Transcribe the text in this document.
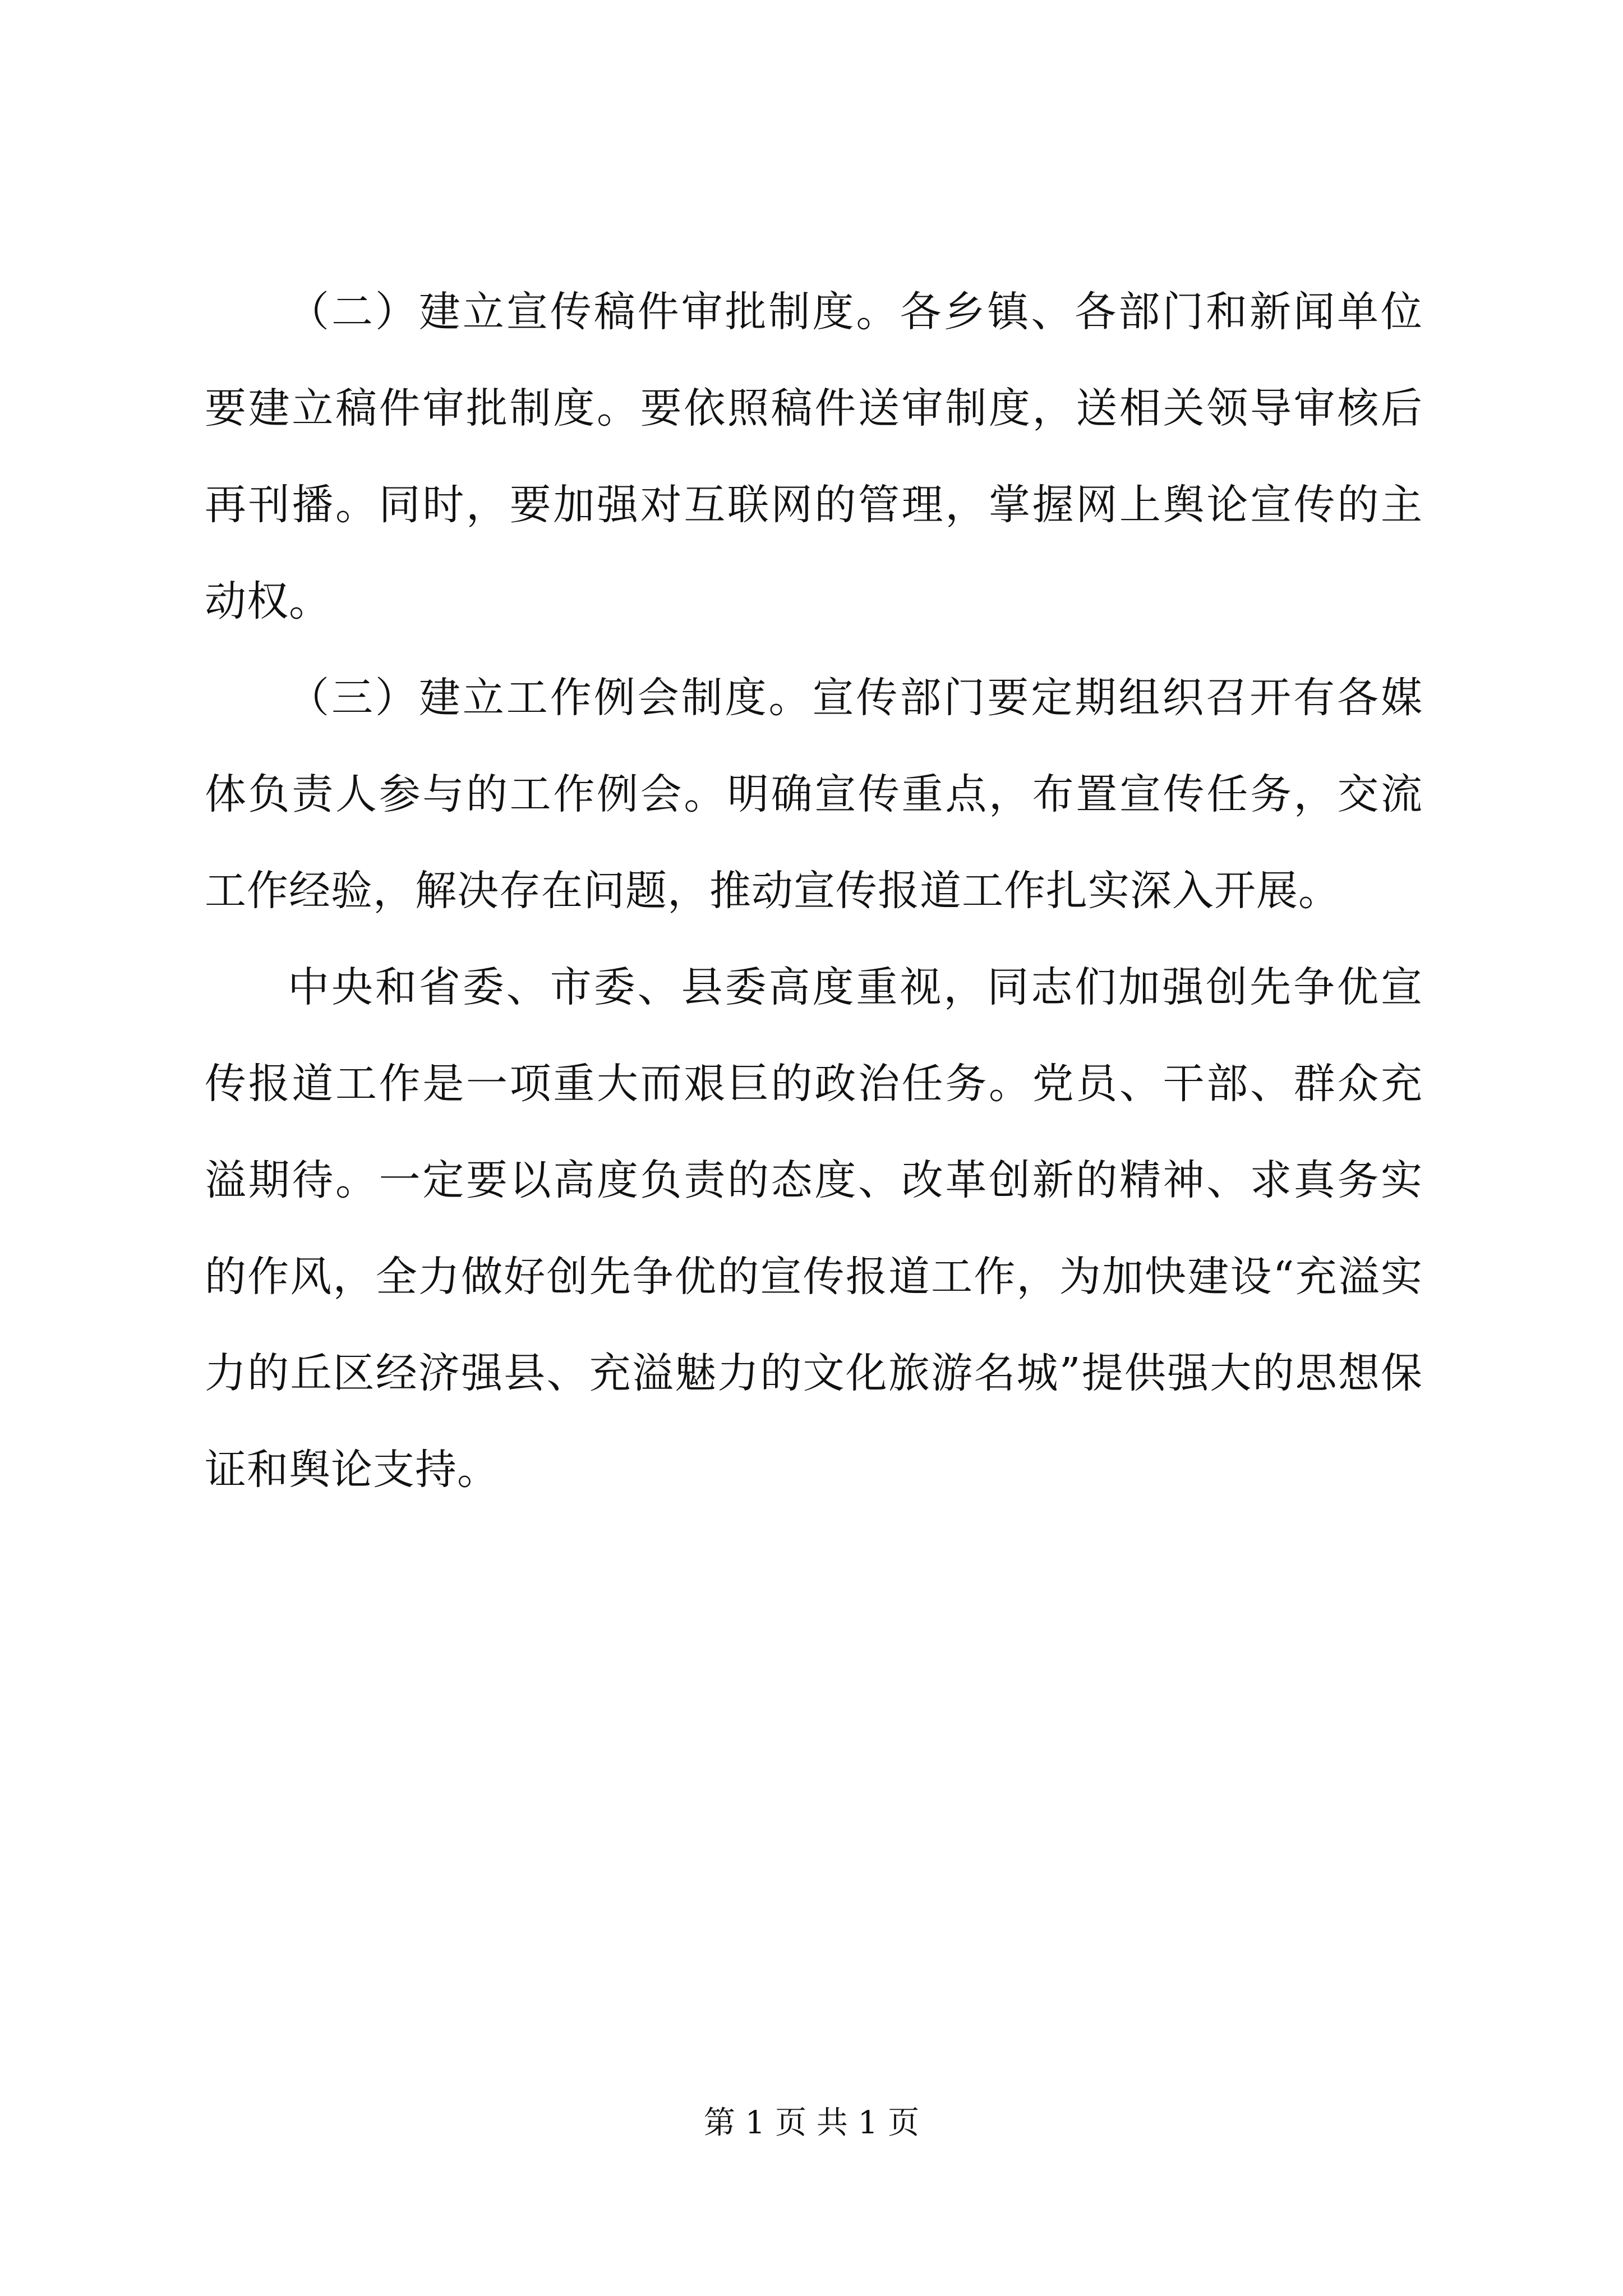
（二）建立宣传稿件审批制度。各乡镇、各部门和新闻单位要建立稿件审批制度。要依照稿件送审制度，送相关领导审核后再刊播。同时，要加强对互联网的管理，掌握网上舆论宣传的主动权。

（三）建立工作例会制度。宣传部门要定期组织召开有各媒体负责人参与的工作例会。明确宣传重点，布置宣传任务，交流工作经验，解决存在问题，推动宣传报道工作扎实深入开展。

中央和省委、市委、县委高度重视，同志们加强创先争优宣传报道工作是一项重大而艰巨的政治任务。党员、干部、群众充溢期待。一定要以高度负责的态度、改革创新的精神、求真务实的作风，全力做好创先争优的宣传报道工作，为加快建设“充溢实力的丘区经济强县、充溢魅力的文化旅游名城”提供强大的思想保证和舆论支持。

第 1 页 共 1 页
